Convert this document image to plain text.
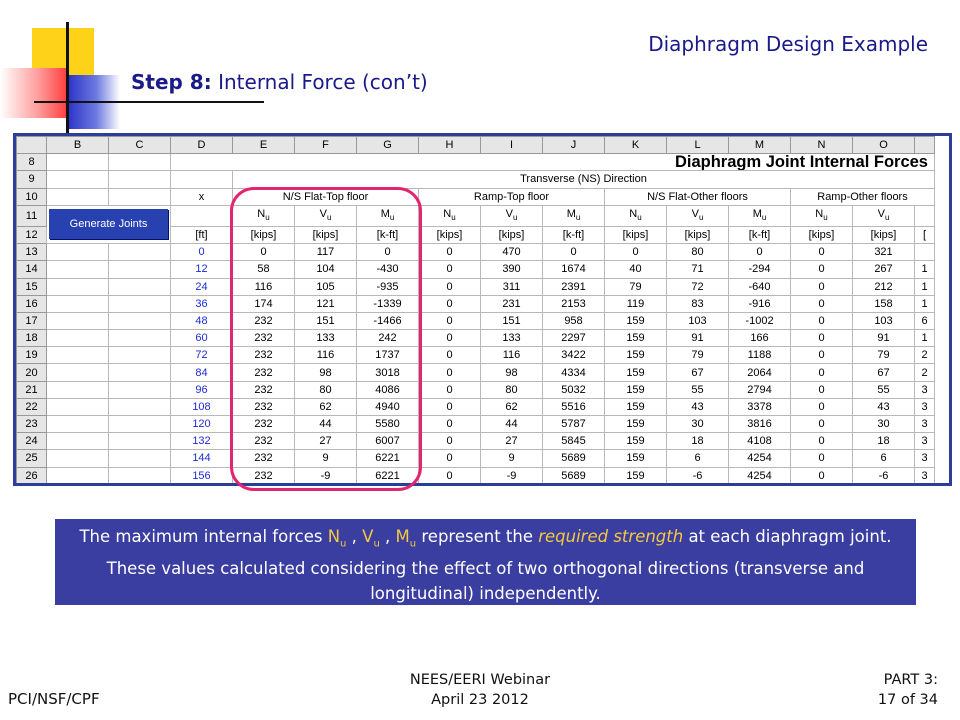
Diaphragm Design Example
Step 8: Internal Force (con’t)
	B	C	D	E	F	G	H	I	J	K	L	M	N	O	
8			Diaphragm Joint Internal Forces												
9				Transverse (NS) Direction											
10			x	N/S Flat-Top floor			Ramp-Top floor			N/S Flat-Other floors			Ramp-Other floors		
11	Generate Joints			$N_u$	$V_u$	$M_u$	$N_u$	$V_u$	$M_u$	$N_u$	$V_u$	$M_u$	$N_u$	$V_u$	
12			[ft]	[kips]	[kips]	[k-ft]	[kips]	[kips]	[k-ft]	[kips]	[kips]	[k-ft]	[kips]	[kips]	[
13			0	0	117	0	0	470	0	0	80	0	0	321	
14			12	58	104	-430	0	390	1674	40	71	-294	0	267	1
15			24	116	105	-935	0	311	2391	79	72	-640	0	212	1
16			36	174	121	-1339	0	231	2153	119	83	-916	0	158	1
17			48	232	151	-1466	0	151	958	159	103	-1002	0	103	6
18			60	232	133	242	0	133	2297	159	91	166	0	91	1
19			72	232	116	1737	0	116	3422	159	79	1188	0	79	2
20			84	232	98	3018	0	98	4334	159	67	2064	0	67	2
21			96	232	80	4086	0	80	5032	159	55	2794	0	55	3
22			108	232	62	4940	0	62	5516	159	43	3378	0	43	3
23			120	232	44	5580	0	44	5787	159	30	3816	0	30	3
24			132	232	27	6007	0	27	5845	159	18	4108	0	18	3
25			144	232	9	6221	0	9	5689	159	6	4254	0	6	3
26			156	232	-9	6221	0	-9	5689	159	-6	4254	0	-6	3
The maximum internal forces $N_u$ , $V_u$ , $M_u$ represent the required strength at each diaphragm joint. These values calculated considering the effect of two orthogonal directions (transverse and longitudinal) independently.
PCI/NSF/CPF
NEES/EERI Webinar
April 23 2012
PART 3:
17 of 34
